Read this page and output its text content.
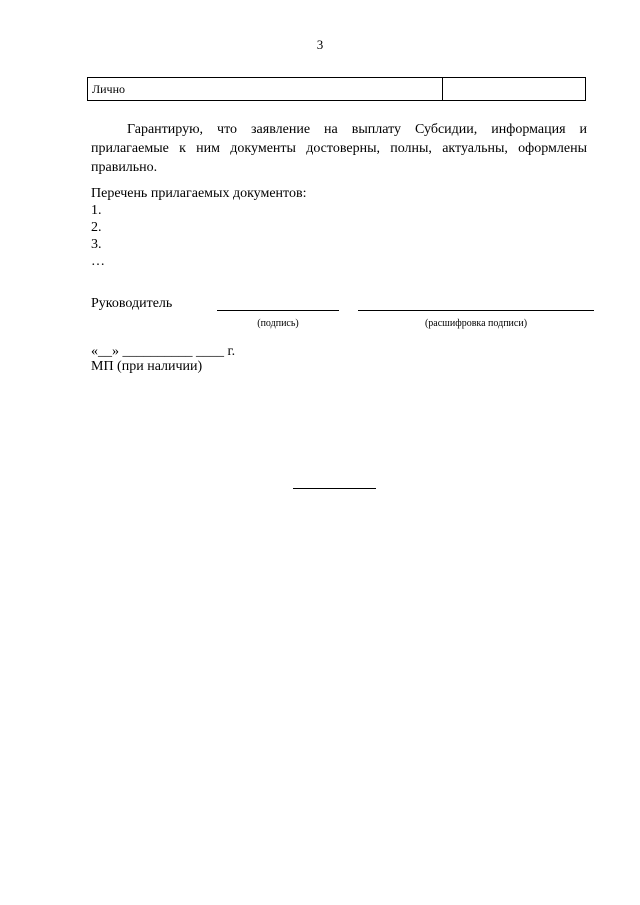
3
Лично

Гарантирую, что заявление на выплату Субсидии, информация и прилагаемые к ним документы достоверны, полны, актуальны, оформлены правильно.

Перечень прилагаемых документов:
1.
2.
3.
…
Руководитель
(подпись)	(расшифровка подписи)
«__» __________ ____ г.
МП (при наличии)
